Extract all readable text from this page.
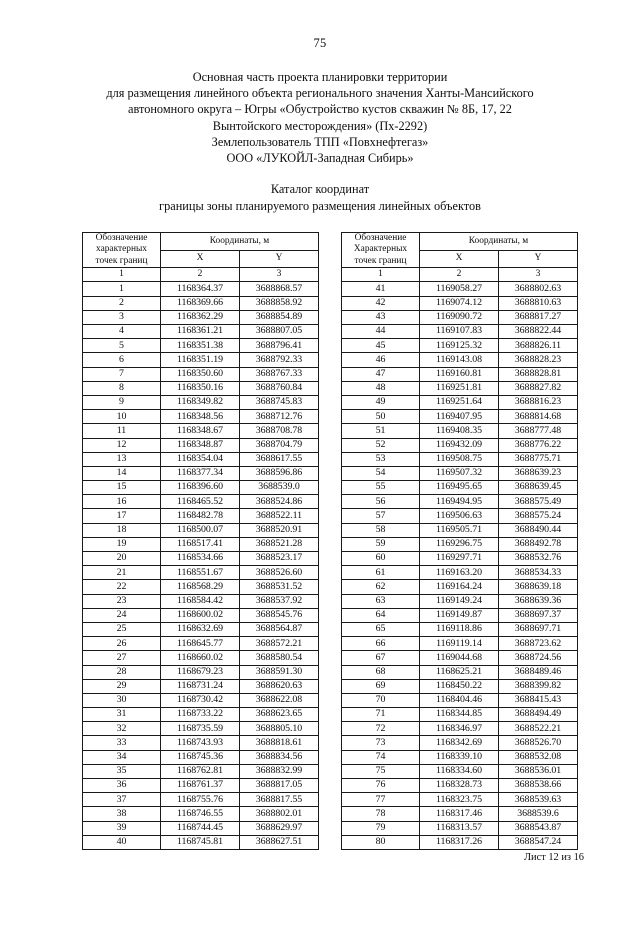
75
Основная часть проекта планировки территории
для размещения линейного объекта регионального значения Ханты-Мансийского
автономного округа – Югры «Обустройство кустов скважин № 8Б, 17, 22
Вынтойского месторождения» (Пх-2292)
Землепользователь ТПП «Повхнефтегаз»
ООО «ЛУКОЙЛ-Западная Сибирь»
Каталог координат
границы зоны планируемого размещения линейных объектов
Обозначение
характерных
точек границ	Координаты, м	
	X	Y
1	2	3
1	1168364.37	3688868.57
2	1168369.66	3688858.92
3	1168362.29	3688854.89
4	1168361.21	3688807.05
5	1168351.38	3688796.41
6	1168351.19	3688792.33
7	1168350.60	3688767.33
8	1168350.16	3688760.84
9	1168349.82	3688745.83
10	1168348.56	3688712.76
11	1168348.67	3688708.78
12	1168348.87	3688704.79
13	1168354.04	3688617.55
14	1168377.34	3688596.86
15	1168396.60	3688539.0
16	1168465.52	3688524.86
17	1168482.78	3688522.11
18	1168500.07	3688520.91
19	1168517.41	3688521.28
20	1168534.66	3688523.17
21	1168551.67	3688526.60
22	1168568.29	3688531.52
23	1168584.42	3688537.92
24	1168600.02	3688545.76
25	1168632.69	3688564.87
26	1168645.77	3688572.21
27	1168660.02	3688580.54
28	1168679.23	3688591.30
29	1168731.24	3688620.63
30	1168730.42	3688622.08
31	1168733.22	3688623.65
32	1168735.59	3688805.10
33	1168743.93	3688818.61
34	1168745.36	3688834.56
35	1168762.81	3688832.99
36	1168761.37	3688817.05
37	1168755.76	3688817.55
38	1168746.55	3688802.01
39	1168744.45	3688629.97
40	1168745.81	3688627.51
Обозначение
Характерных
точек границ	Координаты, м	
	X	Y
1	2	3
41	1169058.27	3688802.63
42	1169074.12	3688810.63
43	1169090.72	3688817.27
44	1169107.83	3688822.44
45	1169125.32	3688826.11
46	1169143.08	3688828.23
47	1169160.81	3688828.81
48	1169251.81	3688827.82
49	1169251.64	3688816.23
50	1169407.95	3688814.68
51	1169408.35	3688777.48
52	1169432.09	3688776.22
53	1169508.75	3688775.71
54	1169507.32	3688639.23
55	1169495.65	3688639.45
56	1169494.95	3688575.49
57	1169506.63	3688575.24
58	1169505.71	3688490.44
59	1169296.75	3688492.78
60	1169297.71	3688532.76
61	1169163.20	3688534.33
62	1169164.24	3688639.18
63	1169149.24	3688639.36
64	1169149.87	3688697.37
65	1169118.86	3688697.71
66	1169119.14	3688723.62
67	1169044.68	3688724.56
68	1168625.21	3688489.46
69	1168450.22	3688399.82
70	1168404.46	3688415.43
71	1168344.85	3688494.49
72	1168346.97	3688522.21
73	1168342.69	3688526.70
74	1168339.10	3688532.08
75	1168334.60	3688536.01
76	1168328.73	3688538.66
77	1168323.75	3688539.63
78	1168317.46	3688539.6
79	1168313.57	3688543.87
80	1168317.26	3688547.24
Лист 12 из 16
